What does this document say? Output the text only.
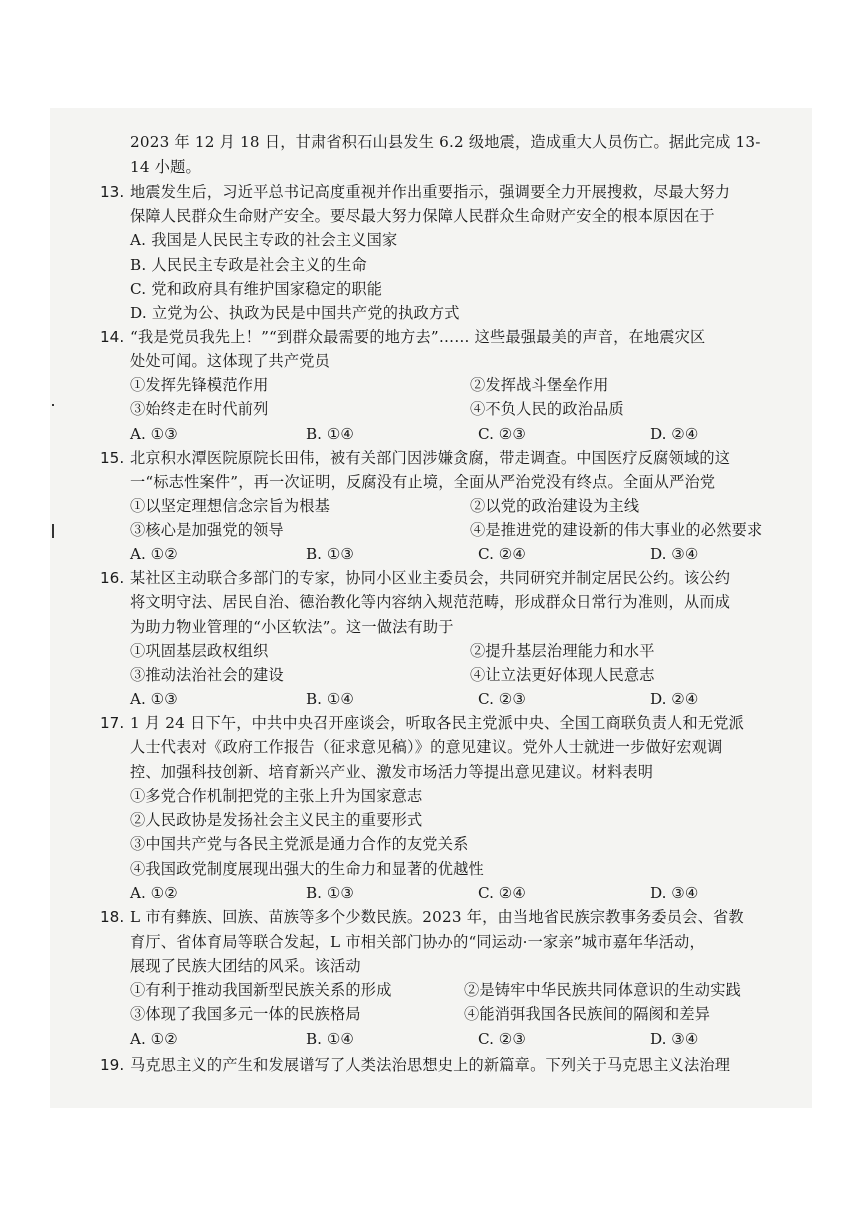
2023 年 12 月 18 日，甘肃省积石山县发生 6.2 级地震，造成重大人员伤亡。据此完成 13-
14 小题。
13. 地震发生后，习近平总书记高度重视并作出重要指示，强调要全力开展搜救，尽最大努力
保障人民群众生命财产安全。要尽最大努力保障人民群众生命财产安全的根本原因在于
A. 我国是人民民主专政的社会主义国家
B. 人民民主专政是社会主义的生命
C. 党和政府具有维护国家稳定的职能
D. 立党为公、执政为民是中国共产党的执政方式
14. “我是党员我先上！”“到群众最需要的地方去”…… 这些最强最美的声音，在地震灾区
处处可闻。这体现了共产党员
①发挥先锋模范作用	②发挥战斗堡垒作用
③始终走在时代前列	④不负人民的政治品质
A. ①③	B. ①④	C. ②③	D. ②④
15. 北京积水潭医院原院长田伟，被有关部门因涉嫌贪腐，带走调查。中国医疗反腐领域的这
一“标志性案件”，再一次证明，反腐没有止境，全面从严治党没有终点。全面从严治党
①以坚定理想信念宗旨为根基	②以党的政治建设为主线
③核心是加强党的领导	④是推进党的建设新的伟大事业的必然要求
A. ①②	B. ①③	C. ②④	D. ③④
16. 某社区主动联合多部门的专家，协同小区业主委员会，共同研究并制定居民公约。该公约
将文明守法、居民自治、德治教化等内容纳入规范范畴，形成群众日常行为准则，从而成
为助力物业管理的“小区软法”。这一做法有助于
①巩固基层政权组织	②提升基层治理能力和水平
③推动法治社会的建设	④让立法更好体现人民意志
A. ①③	B. ①④	C. ②③	D. ②④
17. 1 月 24 日下午，中共中央召开座谈会，听取各民主党派中央、全国工商联负责人和无党派
人士代表对《政府工作报告（征求意见稿）》的意见建议。党外人士就进一步做好宏观调
控、加强科技创新、培育新兴产业、激发市场活力等提出意见建议。材料表明
①多党合作机制把党的主张上升为国家意志
②人民政协是发扬社会主义民主的重要形式
③中国共产党与各民主党派是通力合作的友党关系
④我国政党制度展现出强大的生命力和显著的优越性
A. ①②	B. ①③	C. ②④	D. ③④
18. L 市有彝族、回族、苗族等多个少数民族。2023 年，由当地省民族宗教事务委员会、省教
育厅、省体育局等联合发起，L 市相关部门协办的“同运动·一家亲”城市嘉年华活动，
展现了民族大团结的风采。该活动
①有利于推动我国新型民族关系的形成	②是铸牢中华民族共同体意识的生动实践
③体现了我国多元一体的民族格局	④能消弭我国各民族间的隔阂和差异
A. ①②	B. ①④	C. ②③	D. ③④
19. 马克思主义的产生和发展谱写了人类法治思想史上的新篇章。下列关于马克思主义法治理
